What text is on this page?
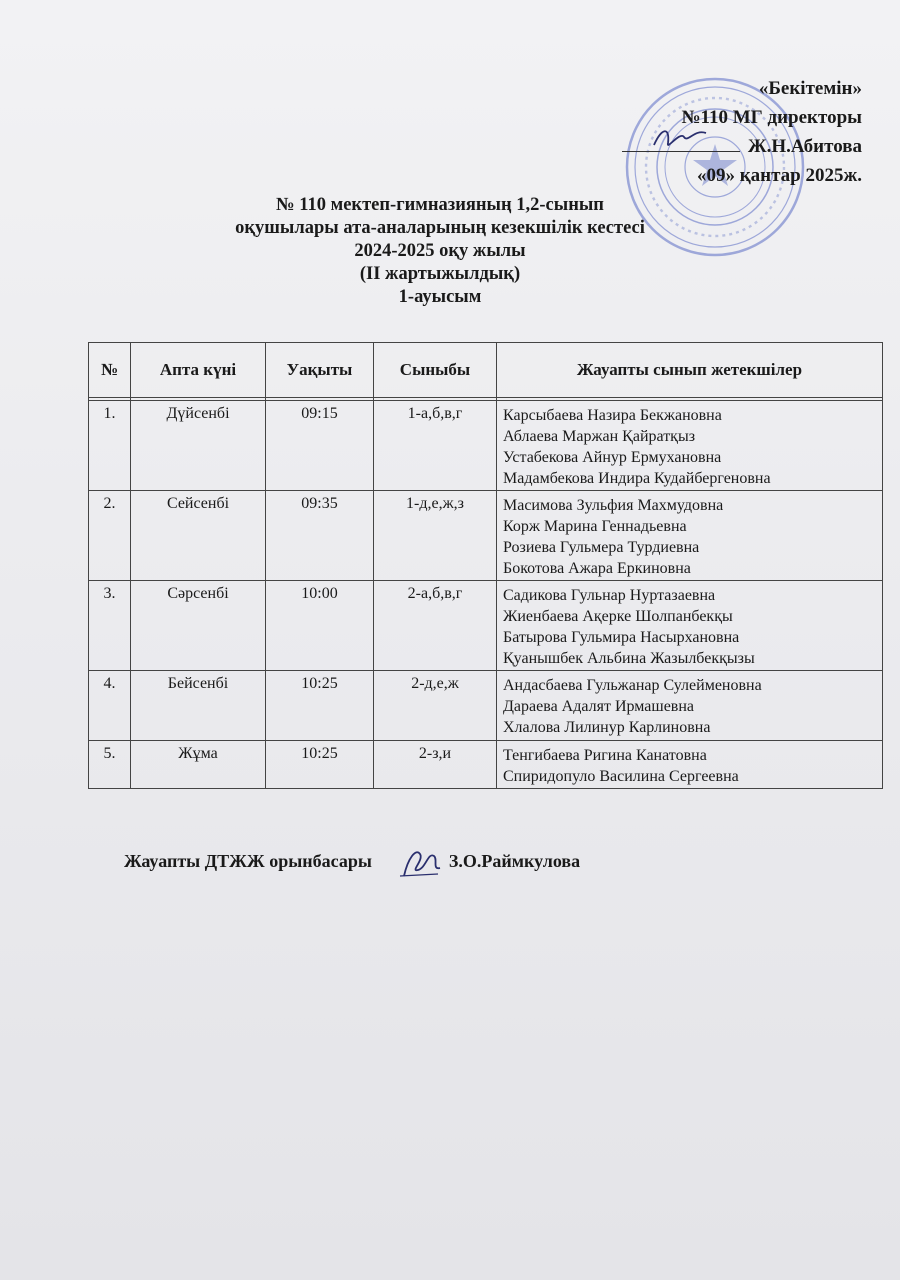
«Бекітемін»
№110 МГ директоры
Ж.Н.Абитова
«09» қантар 2025ж.
№ 110 мектеп-гимназияның 1,2-сынып
оқушылары ата-аналарының кезекшілік кестесі
2024-2025 оқу жылы
(ІІ жартыжылдық)
1-ауысым
№	Апта күні	Уақыты	Сыныбы	Жауапты сынып жетекшілер

1.	Дүйсенбі	09:15	1-а,б,в,г	Карсыбаева Назира Бекжановна
Аблаева Маржан Қайратқыз
Устабекова Айнур Ермухановна
Мадамбекова Индира Кудайбергеновна

2.	Сейсенбі	09:35	1-д,е,ж,з	Масимова Зульфия Махмудовна
Корж Марина Геннадьевна
Розиева Гульмера Турдиевна
Бокотова Ажара Еркиновна

3.	Сәрсенбі	10:00	2-а,б,в,г	Садикова Гульнар Нуртазаевна
Жиенбаева Ақерке Шолпанбекқы
Батырова Гульмира Насырхановна
Қуанышбек Альбина Жазылбекқызы

4.	Бейсенбі	10:25	2-д,е,ж	Андасбаева Гульжанар Сулейменовна
Дараева Адалят Ирмашевна
Хлалова Лилинур Карлиновна

5.	Жұма	10:25	2-з,и	Тенгибаева Ригина Канатовна
Спиридопуло Василина Сергеевна
Жауапты ДТЖЖ орынбасары	З.О.Раймкулова
